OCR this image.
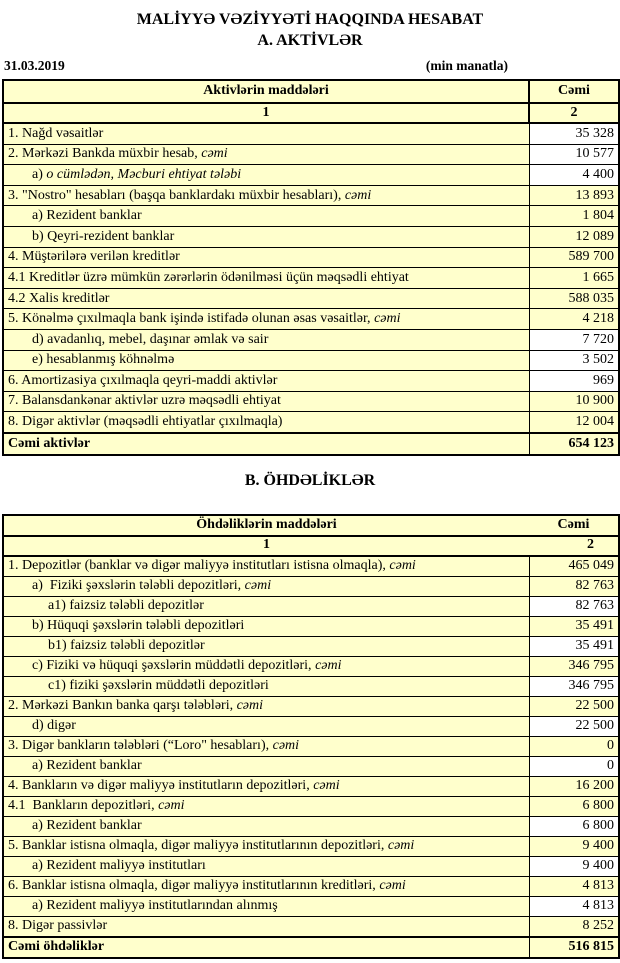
MALİYYƏ VƏZİYYƏTİ HAQQINDA HESABAT
A. AKTİVLƏR
31.03.2019	(min manatla)
Aktivlərin maddələri	Cəmi
1	2
1. Nağd vəsaitlər	35 328
2. Mərkəzi Bankda müxbir hesab, cəmi	10 577
a) o cümlədən, Məcburi ehtiyat tələbi	4 400
3. "Nostro" hesabları (başqa banklardakı müxbir hesabları), cəmi	13 893
a) Rezident banklar	1 804
b) Qeyri-rezident banklar	12 089
4. Müştərilərə verilən kreditlər	589 700
4.1 Kreditlər üzrə mümkün zərərlərin ödənilməsi üçün məqsədli ehtiyat	1 665
4.2 Xalis kreditlər	588 035
5. Könəlmə çıxılmaqla bank işində istifadə olunan əsas vəsaitlər, cəmi	4 218
d) avadanlıq, mebel, daşınar əmlak və sair	7 720
e) hesablanmış köhnəlmə	3 502
6. Amortizasiya çıxılmaqla qeyri-maddi aktivlər	969
7. Balansdankənar aktivlər uzrə məqsədli ehtiyat	10 900
8. Digər aktivlər (məqsədli ehtiyatlar çıxılmaqla)	12 004
Cəmi aktivlər	654 123
B. ÖHDƏLİKLƏR
Öhdəliklərin maddələri	Cəmi
1	2
1. Depozitlər (banklar və digər maliyyə institutları istisna olmaqla), cəmi	465 049
a)  Fiziki şəxslərin tələbli depozitləri, cəmi	82 763
a1) faizsiz tələbli depozitlər	82 763
b) Hüquqi şəxslərin tələbli depozitləri	35 491
b1) faizsiz tələbli depozitlər	35 491
c) Fiziki və hüquqi şəxslərin müddətli depozitləri, cəmi	346 795
c1) fiziki şəxslərin müddətli depozitləri	346 795
2. Mərkəzi Bankın banka qarşı tələbləri, cəmi	22 500
d) digər	22 500
3. Digər bankların tələbləri (“Loro" hesabları), cəmi	0
a) Rezident banklar	0
4. Bankların və digər maliyyə institutların depozitləri, cəmi	16 200
4.1  Bankların depozitləri, cəmi	6 800
a) Rezident banklar	6 800
5. Banklar istisna olmaqla, digər maliyyə institutlarının depozitləri, cəmi	9 400
a) Rezident maliyyə institutları	9 400
6. Banklar istisna olmaqla, digər maliyyə institutlarının kreditləri, cəmi	4 813
a) Rezident maliyyə institutlarından alınmış	4 813
8. Digər passivlər	8 252
Cəmi öhdəliklər	516 815
